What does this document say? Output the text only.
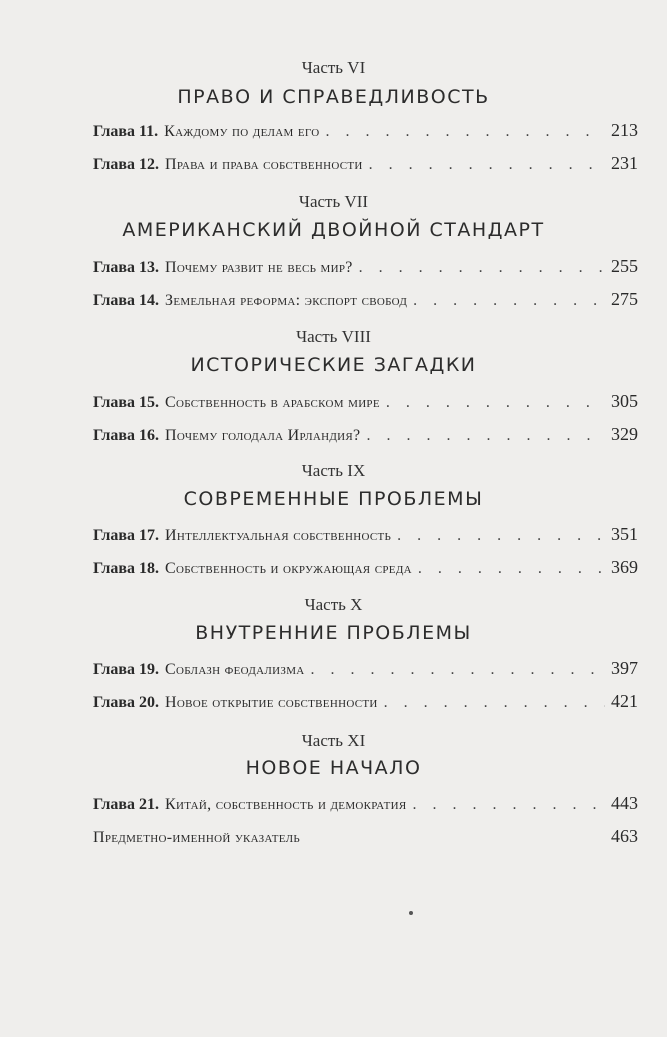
Часть VI
ПРАВО И СПРАВЕДЛИВОСТЬ
Глава 11. Каждому по делам его . . .	213
Глава 12. Права и права собственности . . .	231
Часть VII
АМЕРИКАНСКИЙ ДВОЙНОЙ СТАНДАРТ
Глава 13. Почему развит не весь мир? . . .	255
Глава 14. Земельная реформа: экспорт свобод . . .	275
Часть VIII
ИСТОРИЧЕСКИЕ ЗАГАДКИ
Глава 15. Собственность в арабском мире . . .	305
Глава 16. Почему голодала Ирландия? . . .	329
Часть IX
СОВРЕМЕННЫЕ ПРОБЛЕМЫ
Глава 17. Интеллектуальная собственность . . .	351
Глава 18. Собственность и окружающая среда . . .	369
Часть X
ВНУТРЕННИЕ ПРОБЛЕМЫ
Глава 19. Соблазн феодализма . . .	397
Глава 20. Новое открытие собственности . . .	421
Часть XI
НОВОЕ НАЧАЛО
Глава 21. Китай, собственность и демократия . . .	443
Предметно-именной указатель	463
